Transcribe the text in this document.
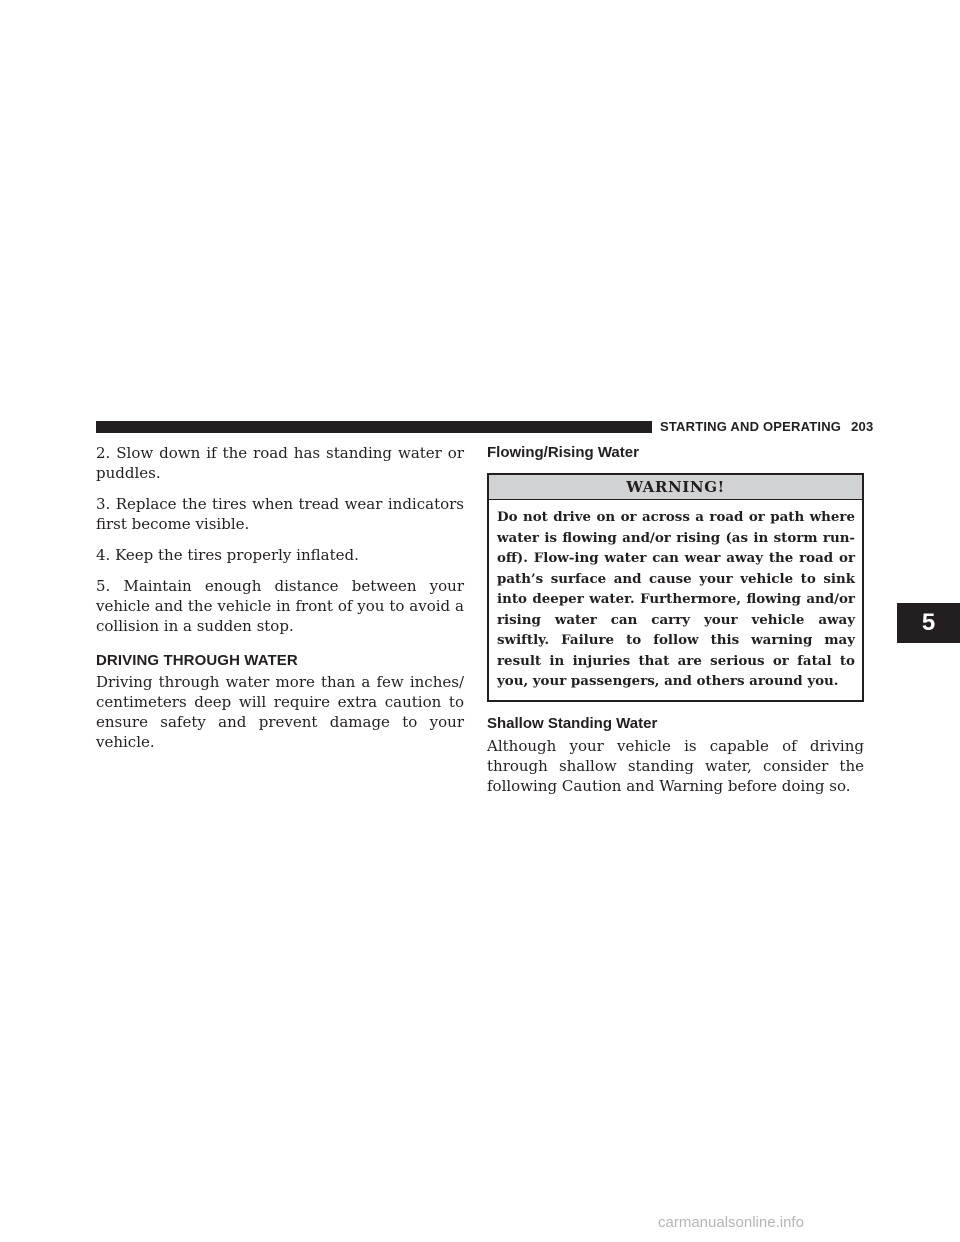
STARTING AND OPERATING 203

2. Slow down if the road has standing water or puddles.

3. Replace the tires when tread wear indicators first become visible.

4. Keep the tires properly inflated.

5. Maintain enough distance between your vehicle and the vehicle in front of you to avoid a collision in a sudden stop.

DRIVING THROUGH WATER

Driving through water more than a few inches/ centimeters deep will require extra caution to ensure safety and prevent damage to your vehicle.

Flowing/Rising Water
WARNING!

Do not drive on or across a road or path where water is flowing and/or rising (as in storm run-off). Flow-ing water can wear away the road or path’s surface and cause your vehicle to sink into deeper water. Furthermore, flowing and/or rising water can carry your vehicle away swiftly. Failure to follow this warning may result in injuries that are serious or fatal to you, your passengers, and others around you.

Shallow Standing Water

Although your vehicle is capable of driving through shallow standing water, consider the following Caution and Warning before doing so.

5
carmanualsonline.info
